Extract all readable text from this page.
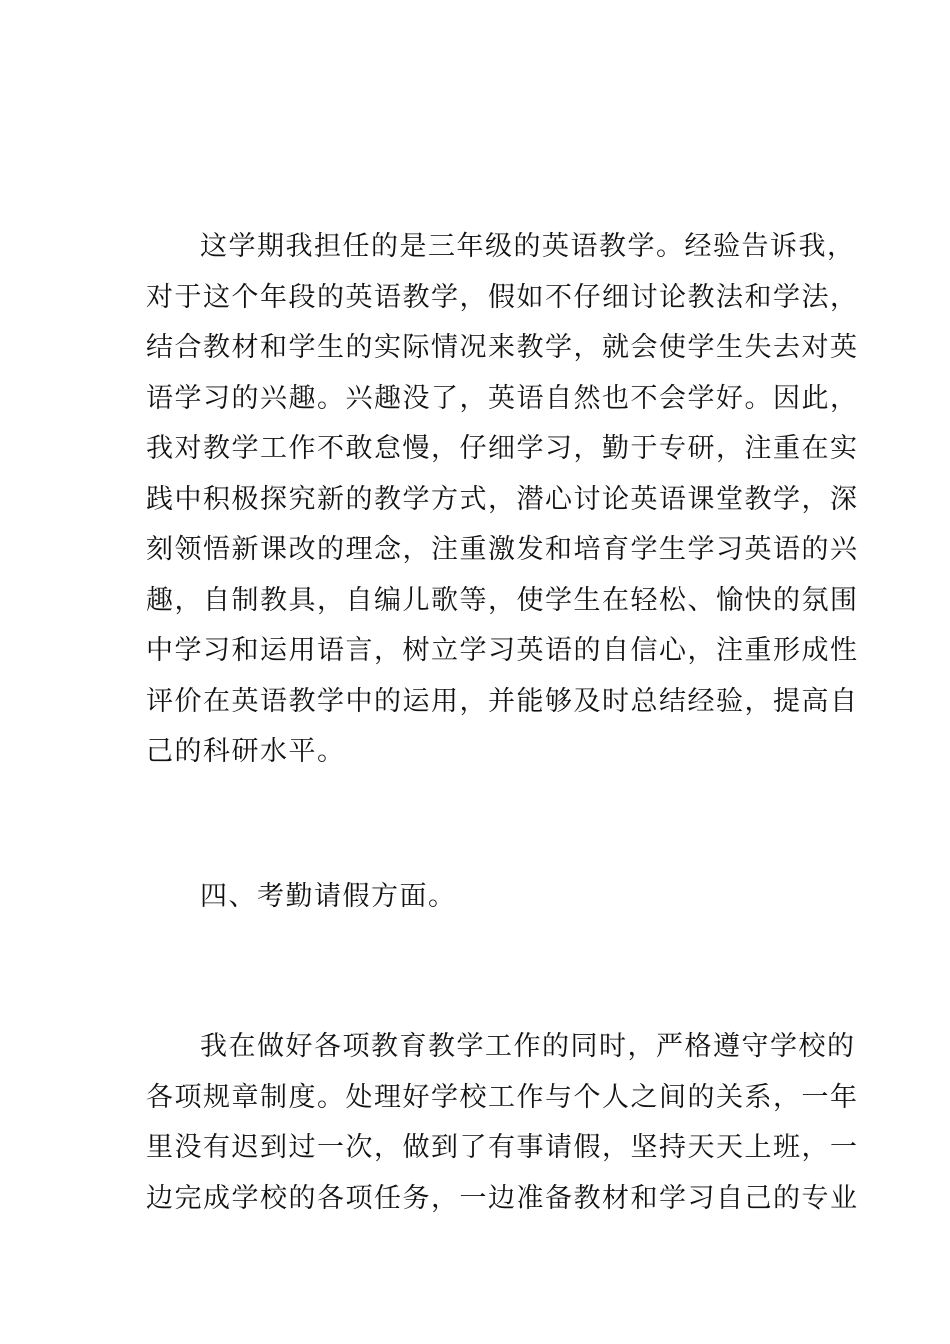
这学期我担任的是三年级的英语教学。经验告诉我，
对于这个年段的英语教学，假如不仔细讨论教法和学法，
结合教材和学生的实际情况来教学，就会使学生失去对英
语学习的兴趣。兴趣没了，英语自然也不会学好。因此，
我对教学工作不敢怠慢，仔细学习，勤于专研，注重在实
践中积极探究新的教学方式，潜心讨论英语课堂教学，深
刻领悟新课改的理念，注重激发和培育学生学习英语的兴
趣，自制教具，自编儿歌等，使学生在轻松、愉快的氛围
中学习和运用语言，树立学习英语的自信心，注重形成性
评价在英语教学中的运用，并能够及时总结经验，提高自
己的科研水平。

四、考勤请假方面。

我在做好各项教育教学工作的同时，严格遵守学校的
各项规章制度。处理好学校工作与个人之间的关系，一年
里没有迟到过一次，做到了有事请假，坚持天天上班，一
边完成学校的各项任务，一边准备教材和学习自己的专业
